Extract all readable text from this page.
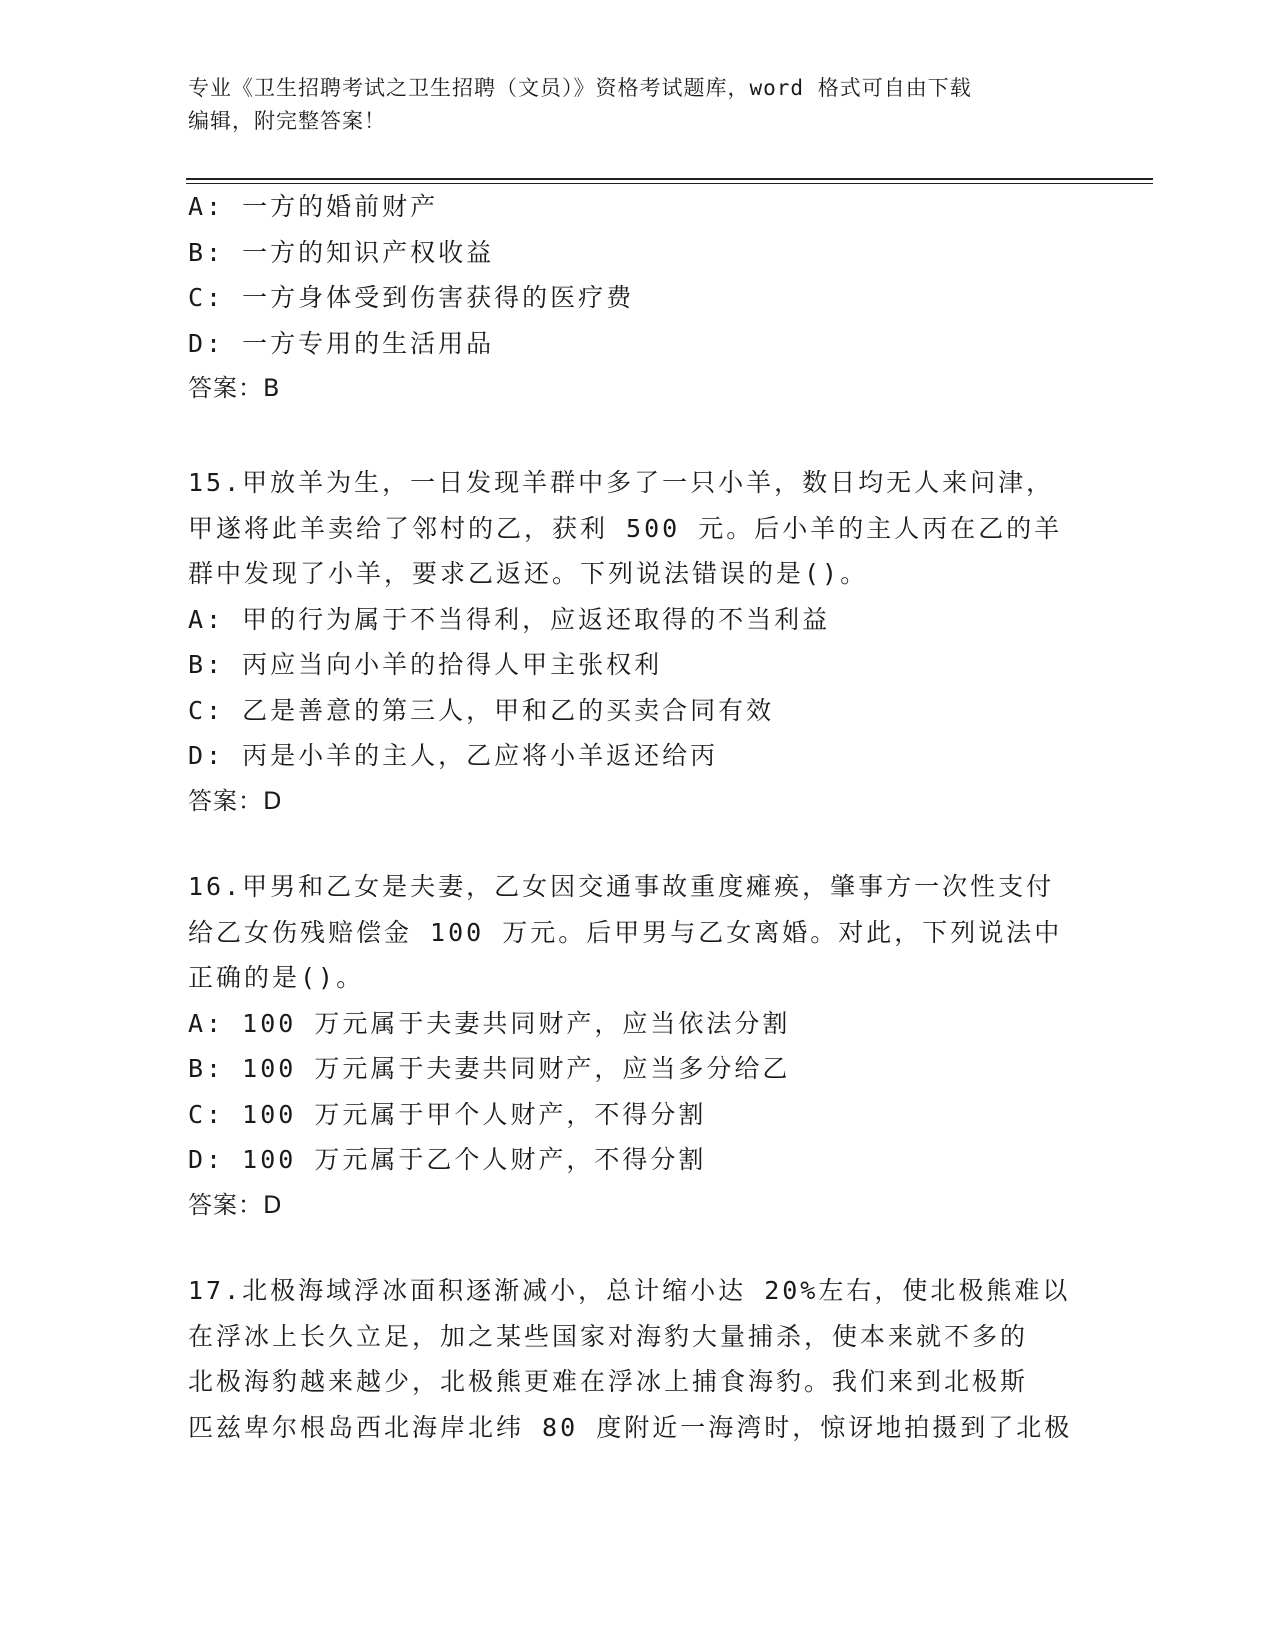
专业《卫生招聘考试之卫生招聘（文员）》资格考试题库，word 格式可自由下载
编辑，附完整答案！
A: 一方的婚前财产
B: 一方的知识产权收益
C: 一方身体受到伤害获得的医疗费
D: 一方专用的生活用品
答案：B
15.甲放羊为生，一日发现羊群中多了一只小羊，数日均无人来问津，
甲遂将此羊卖给了邻村的乙，获利 500 元。后小羊的主人丙在乙的羊
群中发现了小羊，要求乙返还。下列说法错误的是()。
A: 甲的行为属于不当得利，应返还取得的不当利益
B: 丙应当向小羊的拾得人甲主张权利
C: 乙是善意的第三人，甲和乙的买卖合同有效
D: 丙是小羊的主人，乙应将小羊返还给丙
答案：D
16.甲男和乙女是夫妻，乙女因交通事故重度瘫痪，肇事方一次性支付
给乙女伤残赔偿金 100 万元。后甲男与乙女离婚。对此，下列说法中
正确的是()。
A: 100 万元属于夫妻共同财产，应当依法分割
B: 100 万元属于夫妻共同财产，应当多分给乙
C: 100 万元属于甲个人财产，不得分割
D: 100 万元属于乙个人财产，不得分割
答案：D
17.北极海域浮冰面积逐渐减小，总计缩小达 20%左右，使北极熊难以
在浮冰上长久立足，加之某些国家对海豹大量捕杀，使本来就不多的
北极海豹越来越少，北极熊更难在浮冰上捕食海豹。我们来到北极斯
匹兹卑尔根岛西北海岸北纬 80 度附近一海湾时，惊讶地拍摄到了北极
